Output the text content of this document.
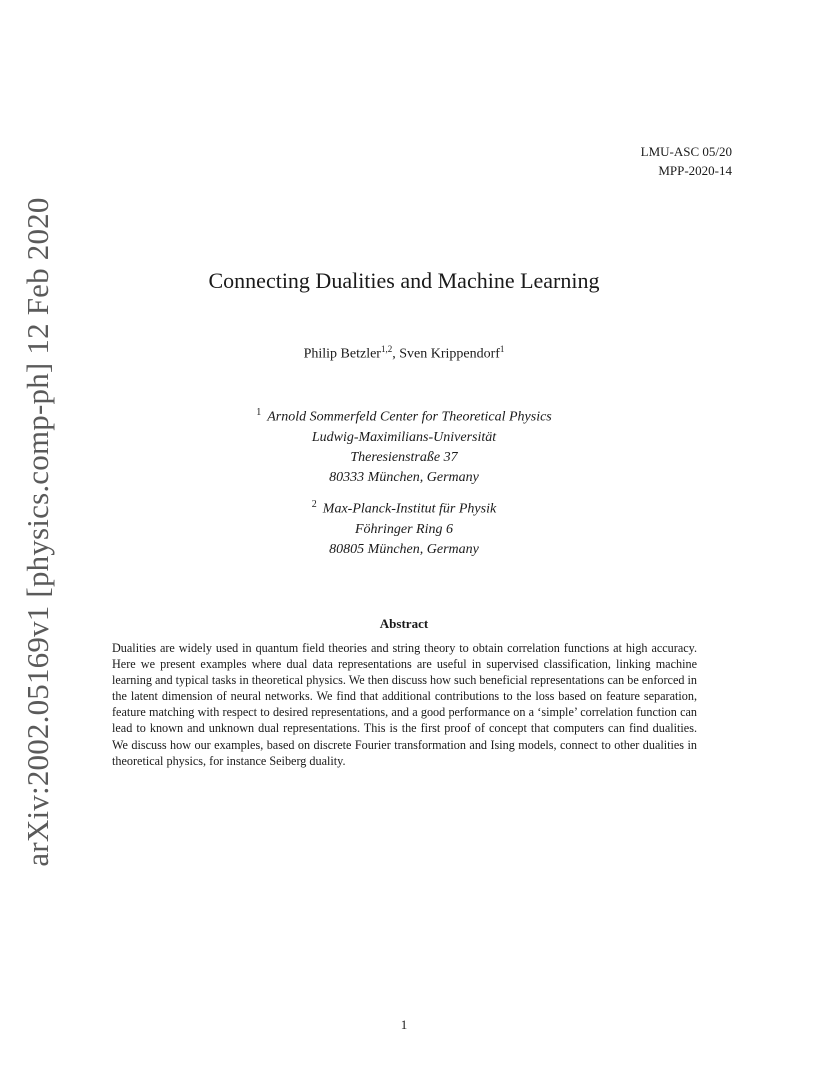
arXiv:2002.05169v1 [physics.comp-ph] 12 Feb 2020
LMU-ASC 05/20
MPP-2020-14
Connecting Dualities and Machine Learning
Philip Betzler$^{1,2}$, Sven Krippendorf$^1$
$^1$ Arnold Sommerfeld Center for Theoretical Physics
Ludwig-Maximilians-Universität
Theresienstraße 37
80333 München, Germany
$^2$ Max-Planck-Institut für Physik
Föhringer Ring 6
80805 München, Germany
Abstract
Dualities are widely used in quantum field theories and string theory to obtain correlation functions at high accuracy. Here we present examples where dual data representations are useful in supervised classification, linking machine learning and typical tasks in theoretical physics. We then discuss how such beneficial representations can be enforced in the latent dimension of neural networks. We find that additional contributions to the loss based on feature separation, feature matching with respect to desired representations, and a good performance on a ‘simple’ correlation function can lead to known and unknown dual representations. This is the first proof of concept that computers can find dualities. We discuss how our examples, based on discrete Fourier transformation and Ising models, connect to other dualities in theoretical physics, for instance Seiberg duality.
1
